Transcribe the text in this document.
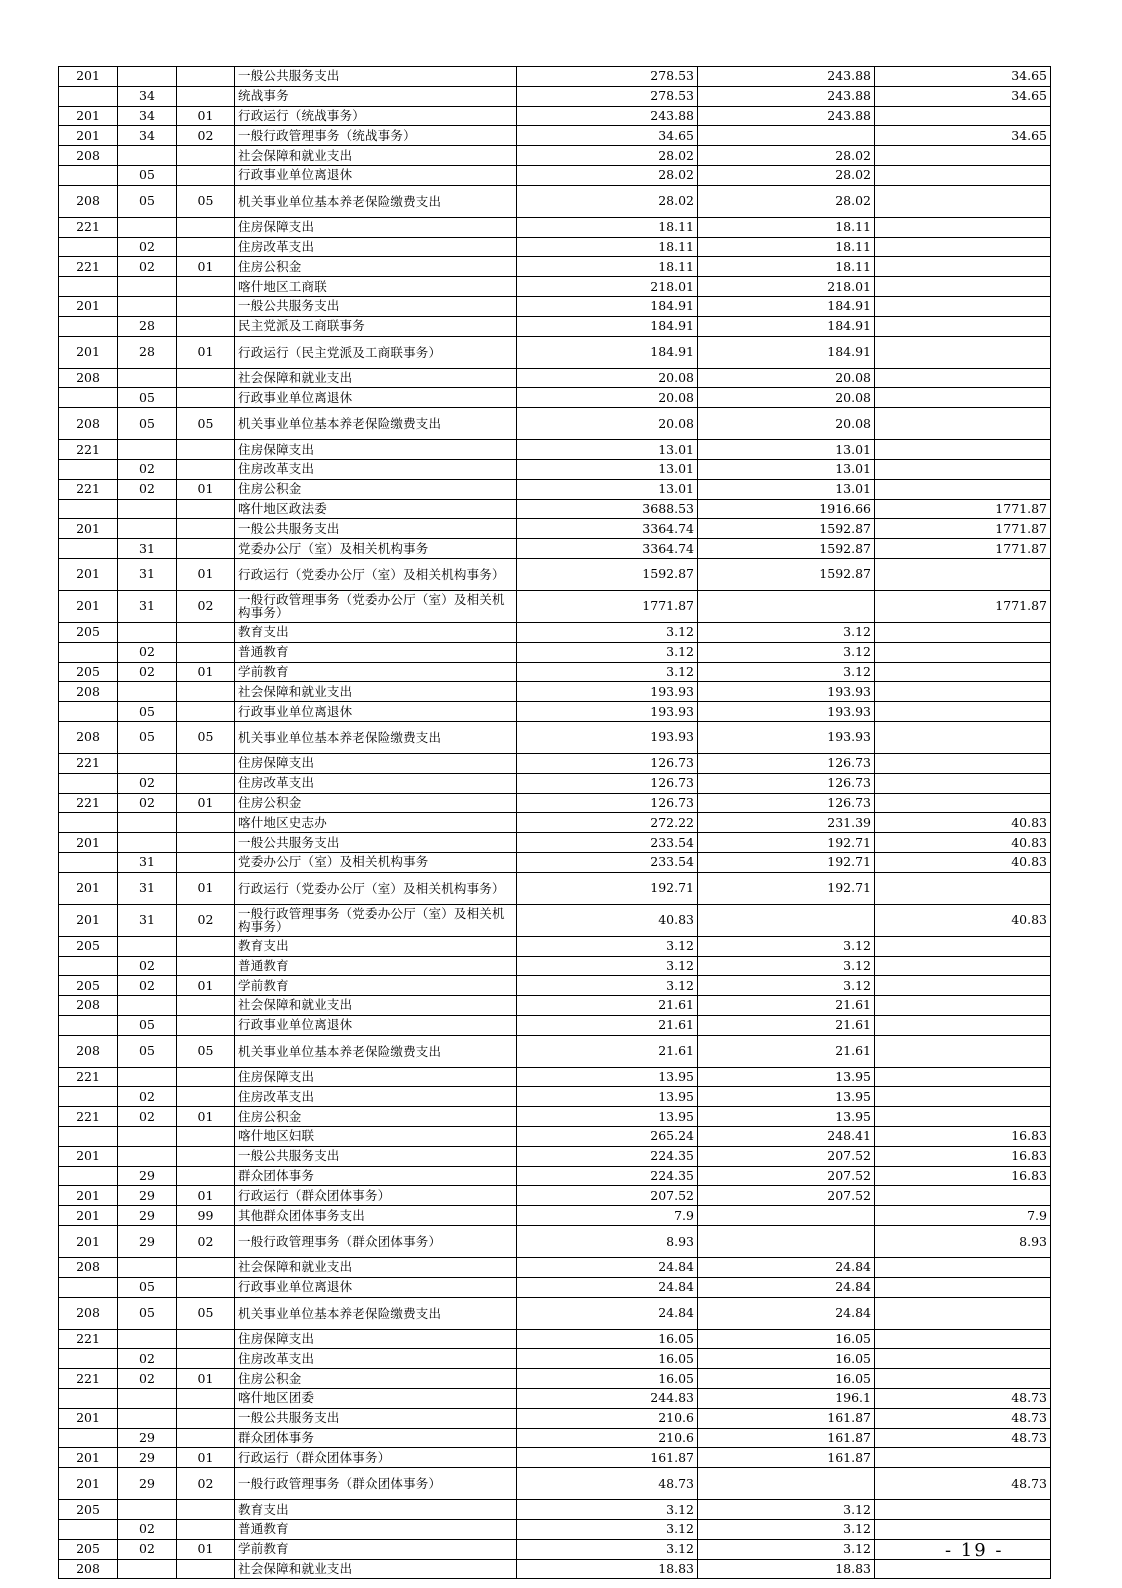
201			一般公共服务支出	278.53	243.88	34.65
	34		统战事务	278.53	243.88	34.65
201	34	01	行政运行（统战事务）	243.88	243.88	
201	34	02	一般行政管理事务（统战事务）	34.65		34.65
208			社会保障和就业支出	28.02	28.02	
	05		行政事业单位离退休	28.02	28.02	
208	05	05	机关事业单位基本养老保险缴费支出	28.02	28.02	
221			住房保障支出	18.11	18.11	
	02		住房改革支出	18.11	18.11	
221	02	01	住房公积金	18.11	18.11	
			喀什地区工商联	218.01	218.01	
201			一般公共服务支出	184.91	184.91	
	28		民主党派及工商联事务	184.91	184.91	
201	28	01	行政运行（民主党派及工商联事务）	184.91	184.91	
208			社会保障和就业支出	20.08	20.08	
	05		行政事业单位离退休	20.08	20.08	
208	05	05	机关事业单位基本养老保险缴费支出	20.08	20.08	
221			住房保障支出	13.01	13.01	
	02		住房改革支出	13.01	13.01	
221	02	01	住房公积金	13.01	13.01	
			喀什地区政法委	3688.53	1916.66	1771.87
201			一般公共服务支出	3364.74	1592.87	1771.87
	31		党委办公厅（室）及相关机构事务	3364.74	1592.87	1771.87
201	31	01	行政运行（党委办公厅（室）及相关机构事务）	1592.87	1592.87	
201	31	02	一般行政管理事务（党委办公厅（室）及相关机构事务）	1771.87		1771.87
205			教育支出	3.12	3.12	
	02		普通教育	3.12	3.12	
205	02	01	学前教育	3.12	3.12	
208			社会保障和就业支出	193.93	193.93	
	05		行政事业单位离退休	193.93	193.93	
208	05	05	机关事业单位基本养老保险缴费支出	193.93	193.93	
221			住房保障支出	126.73	126.73	
	02		住房改革支出	126.73	126.73	
221	02	01	住房公积金	126.73	126.73	
			喀什地区史志办	272.22	231.39	40.83
201			一般公共服务支出	233.54	192.71	40.83
	31		党委办公厅（室）及相关机构事务	233.54	192.71	40.83
201	31	01	行政运行（党委办公厅（室）及相关机构事务）	192.71	192.71	
201	31	02	一般行政管理事务（党委办公厅（室）及相关机构事务）	40.83		40.83
205			教育支出	3.12	3.12	
	02		普通教育	3.12	3.12	
205	02	01	学前教育	3.12	3.12	
208			社会保障和就业支出	21.61	21.61	
	05		行政事业单位离退休	21.61	21.61	
208	05	05	机关事业单位基本养老保险缴费支出	21.61	21.61	
221			住房保障支出	13.95	13.95	
	02		住房改革支出	13.95	13.95	
221	02	01	住房公积金	13.95	13.95	
			喀什地区妇联	265.24	248.41	16.83
201			一般公共服务支出	224.35	207.52	16.83
	29		群众团体事务	224.35	207.52	16.83
201	29	01	行政运行（群众团体事务）	207.52	207.52	
201	29	99	其他群众团体事务支出	7.9		7.9
201	29	02	一般行政管理事务（群众团体事务）	8.93		8.93
208			社会保障和就业支出	24.84	24.84	
	05		行政事业单位离退休	24.84	24.84	
208	05	05	机关事业单位基本养老保险缴费支出	24.84	24.84	
221			住房保障支出	16.05	16.05	
	02		住房改革支出	16.05	16.05	
221	02	01	住房公积金	16.05	16.05	
			喀什地区团委	244.83	196.1	48.73
201			一般公共服务支出	210.6	161.87	48.73
	29		群众团体事务	210.6	161.87	48.73
201	29	01	行政运行（群众团体事务）	161.87	161.87	
201	29	02	一般行政管理事务（群众团体事务）	48.73		48.73
205			教育支出	3.12	3.12	
	02		普通教育	3.12	3.12	
205	02	01	学前教育	3.12	3.12	
208			社会保障和就业支出	18.83	18.83	
- 19 -
